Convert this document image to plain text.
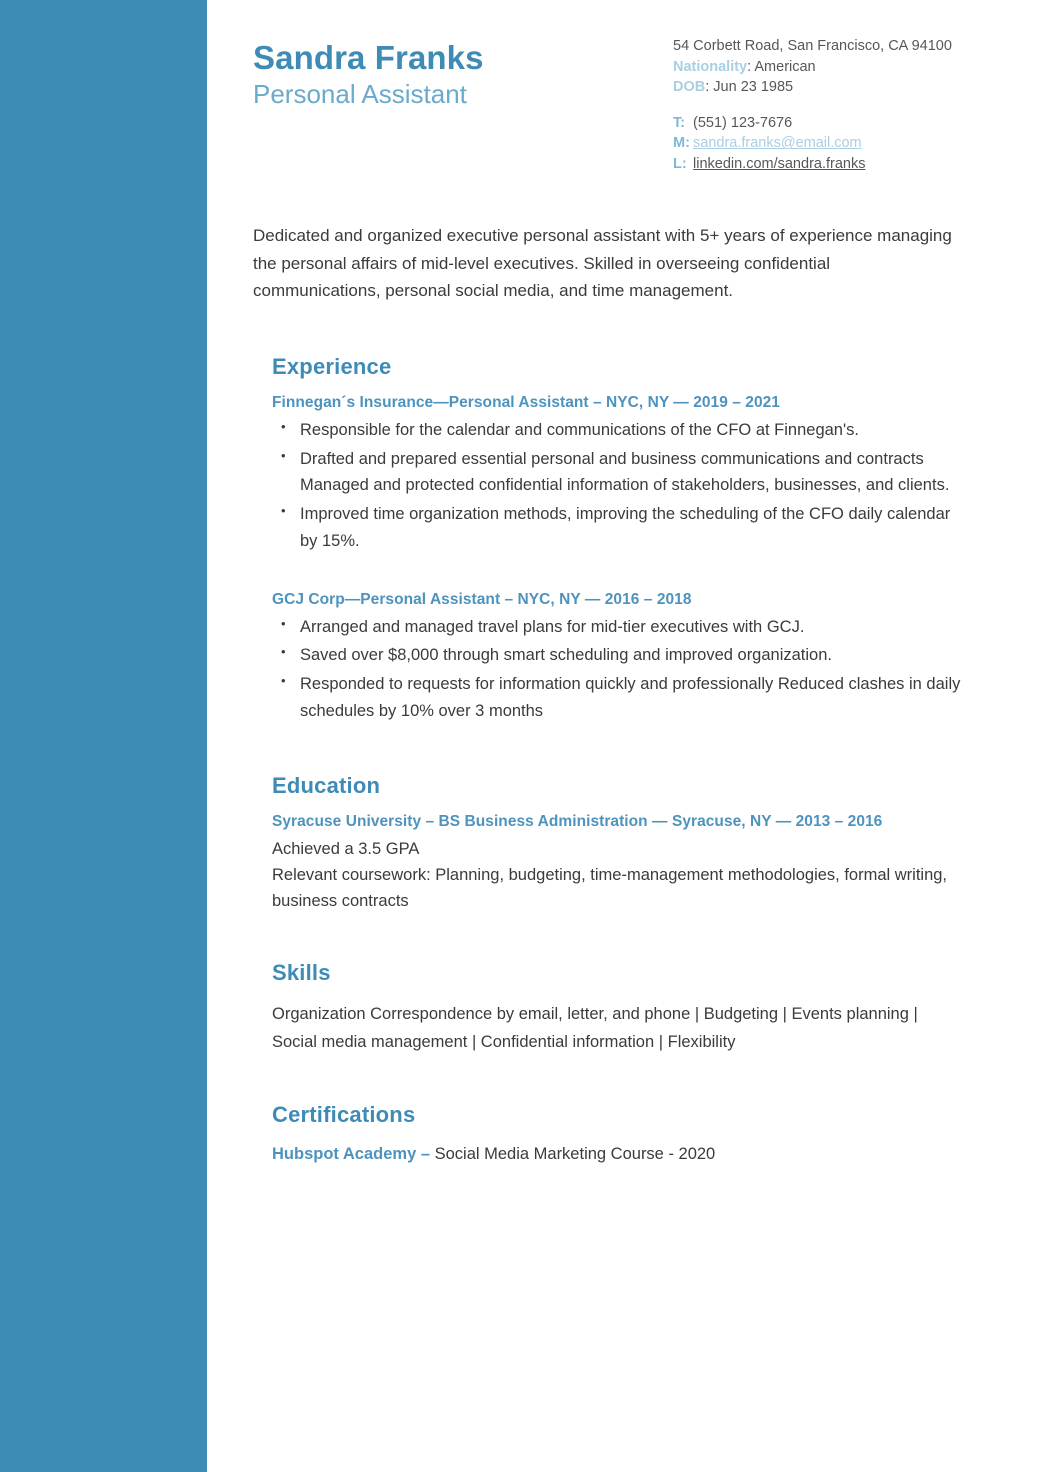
Sandra Franks
Personal Assistant
54 Corbett Road, San Francisco, CA 94100
Nationality: American
DOB: Jun 23 1985
T: (551) 123-7676
M: sandra.franks@email.com
L: linkedin.com/sandra.franks
Dedicated and organized executive personal assistant with 5+ years of experience managing the personal affairs of mid-level executives. Skilled in overseeing confidential communications, personal social media, and time management.
Experience
Finnegan´s Insurance—Personal Assistant – NYC, NY — 2019 – 2021
• Responsible for the calendar and communications of the CFO at Finnegan's.
• Drafted and prepared essential personal and business communications and contracts Managed and protected confidential information of stakeholders, businesses, and clients.
• Improved time organization methods, improving the scheduling of the CFO daily calendar by 15%.
GCJ Corp—Personal Assistant – NYC, NY — 2016 – 2018
• Arranged and managed travel plans for mid-tier executives with GCJ.
• Saved over $8,000 through smart scheduling and improved organization.
• Responded to requests for information quickly and professionally Reduced clashes in daily schedules by 10% over 3 months
Education
Syracuse University – BS Business Administration — Syracuse, NY — 2013 – 2016
Achieved a 3.5 GPA
Relevant coursework: Planning, budgeting, time-management methodologies, formal writing, business contracts
Skills
Organization Correspondence by email, letter, and phone | Budgeting | Events planning | Social media management | Confidential information | Flexibility
Certifications
Hubspot Academy – Social Media Marketing Course - 2020
